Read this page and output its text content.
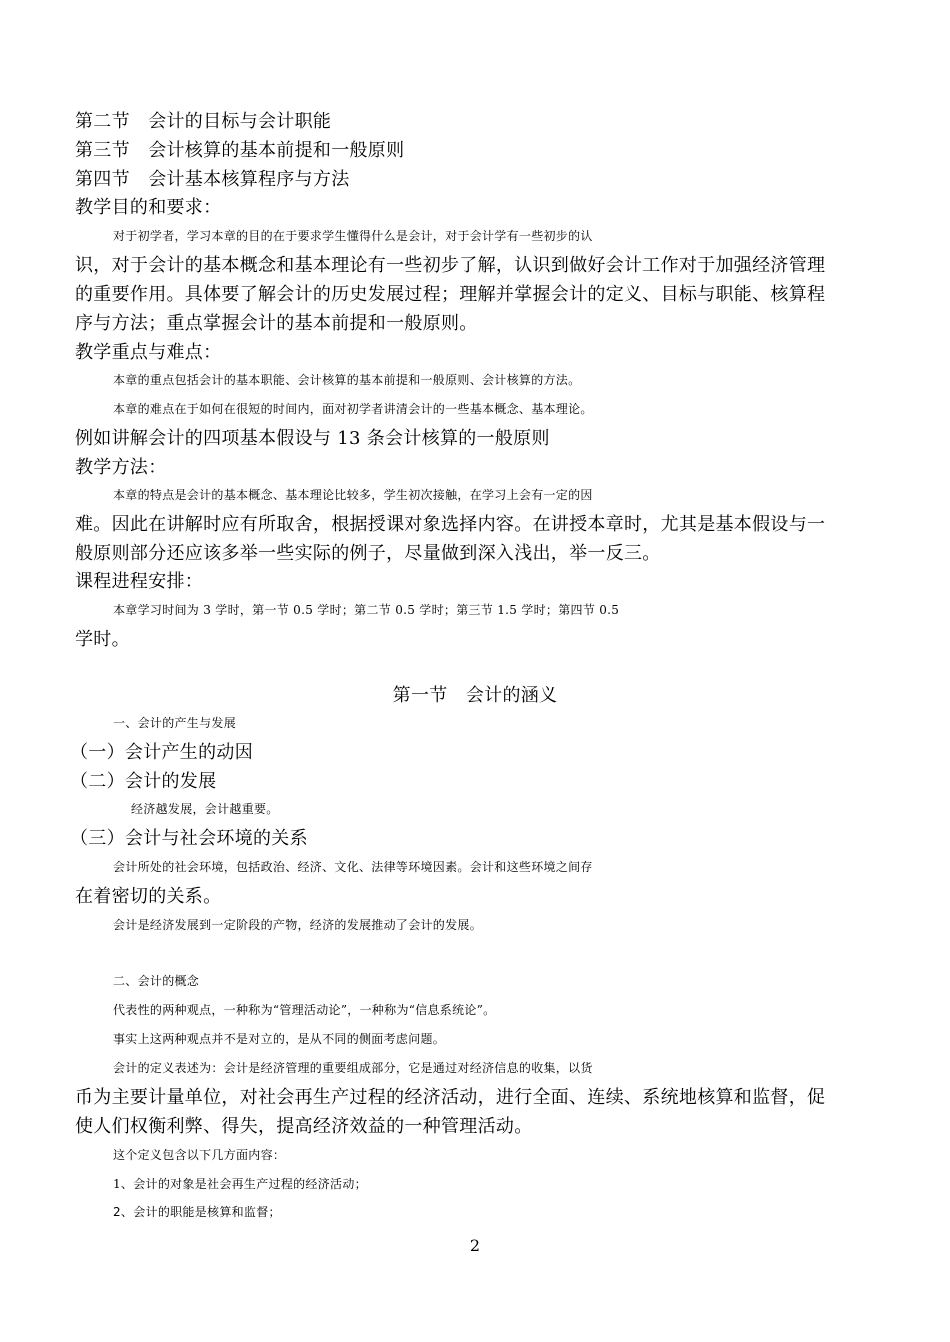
第二节　会计的目标与会计职能
第三节　会计核算的基本前提和一般原则
第四节　会计基本核算程序与方法
教学目的和要求：
对于初学者，学习本章的目的在于要求学生懂得什么是会计，对于会计学有一些初步的认
识，对于会计的基本概念和基本理论有一些初步了解，认识到做好会计工作对于加强经济管理
的重要作用。具体要了解会计的历史发展过程；理解并掌握会计的定义、目标与职能、核算程
序与方法；重点掌握会计的基本前提和一般原则。
教学重点与难点：
本章的重点包括会计的基本职能、会计核算的基本前提和一般原则、会计核算的方法。
本章的难点在于如何在很短的时间内，面对初学者讲清会计的一些基本概念、基本理论。
例如讲解会计的四项基本假设与 13 条会计核算的一般原则
教学方法：
本章的特点是会计的基本概念、基本理论比较多，学生初次接触，在学习上会有一定的因
难。因此在讲解时应有所取舍，根据授课对象选择内容。在讲授本章时，尤其是基本假设与一
般原则部分还应该多举一些实际的例子，尽量做到深入浅出，举一反三。
课程进程安排：
本章学习时间为 3 学时，第一节 0.5 学时；第二节 0.5 学时；第三节 1.5 学时；第四节 0.5
学时。
第一节　会计的涵义
一、会计的产生与发展
（一）会计产生的动因
（二）会计的发展
经济越发展，会计越重要。
（三）会计与社会环境的关系
会计所处的社会环境，包括政治、经济、文化、法律等环境因素。会计和这些环境之间存
在着密切的关系。
会计是经济发展到一定阶段的产物，经济的发展推动了会计的发展。
二、会计的概念
代表性的两种观点，一种称为“管理活动论”，一种称为“信息系统论”。
事实上这两种观点并不是对立的，是从不同的侧面考虑问题。
会计的定义表述为：会计是经济管理的重要组成部分，它是通过对经济信息的收集，以货
币为主要计量单位，对社会再生产过程的经济活动，进行全面、连续、系统地核算和监督，促
使人们权衡利弊、得失，提高经济效益的一种管理活动。
这个定义包含以下几方面内容：
1、会计的对象是社会再生产过程的经济活动；
2、会计的职能是核算和监督；
2
